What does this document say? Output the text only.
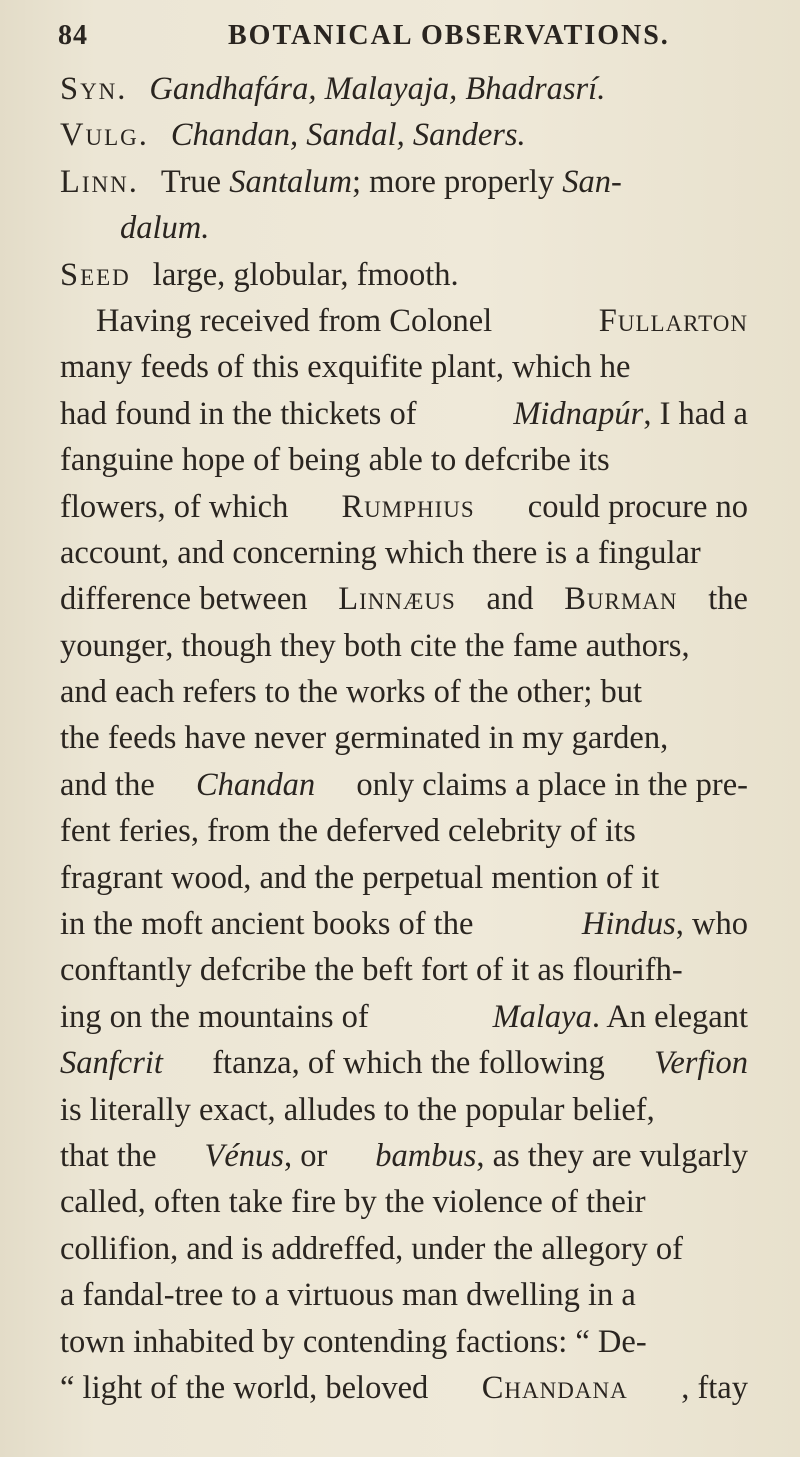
84	BOTANICAL OBSERVATIONS.
Syn. Gandhafára, Malayaja, Bhadrasrí.
Vulg. Chandan, Sandal, Sanders.
Linn. True Santalum; more properly San-
dalum.
Seed large, globular, fmooth.
Having received from Colonel	Fullarton
many feeds of this exquifite plant, which he
had found in the thickets of	Midnapúr, I had a
fanguine hope of being able to defcribe its
flowers, of which Rumphius could procure no
account, and concerning which there is a fingular
difference between Linnæus and Burman the
younger, though they both cite the fame authors,
and each refers to the works of the other; but
the feeds have never germinated in my garden,
and the Chandan only claims a place in the pre-
fent feries, from the deferved celebrity of its
fragrant wood, and the perpetual mention of it
in the moft ancient books of the	Hindus, who
conftantly defcribe the beft fort of it as flourifh-
ing on the mountains of	Malaya. An elegant
Sanfcrit ftanza, of which the following Verfion
is literally exact, alludes to the popular belief,
that the Vénus, or bambus, as they are vulgarly
called, often take fire by the violence of their
collifion, and is addreffed, under the allegory of
a fandal-tree to a virtuous man dwelling in a
town inhabited by contending factions: “ De-
“ light of the world, beloved Chandana , ftay
